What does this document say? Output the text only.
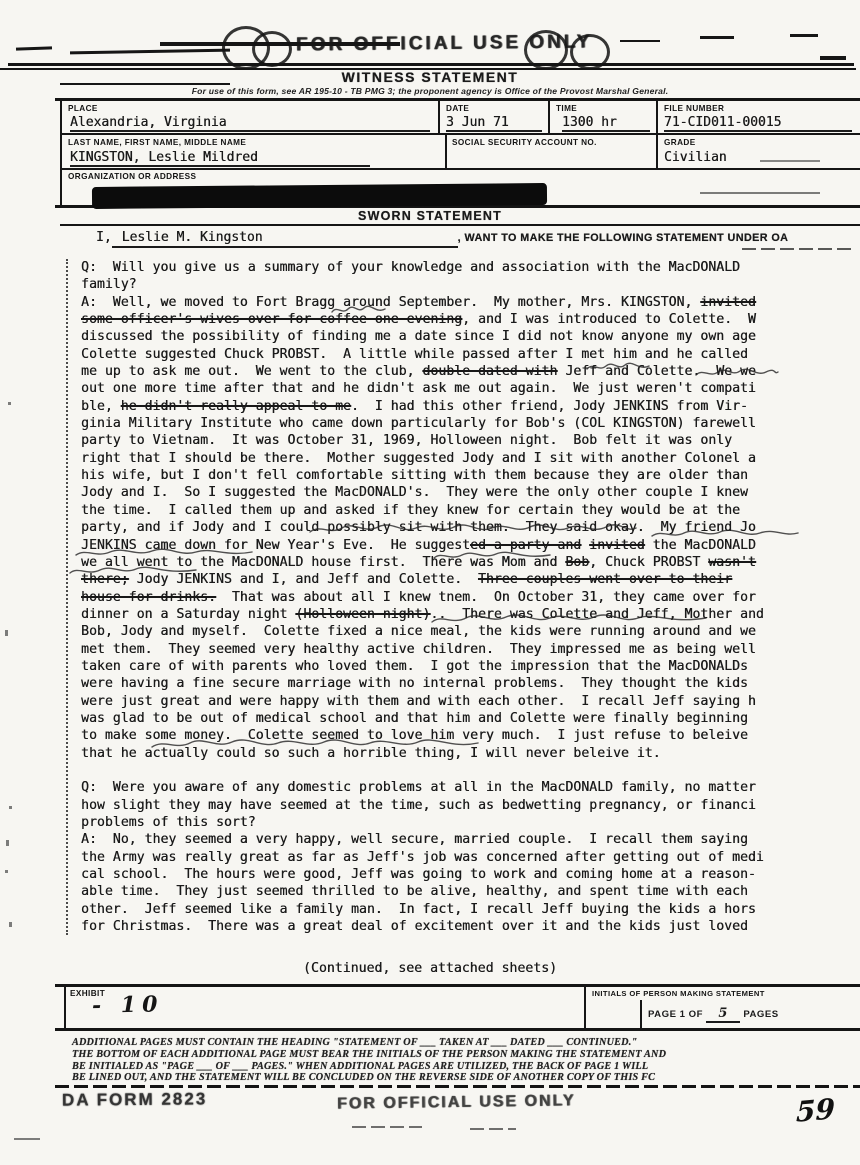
FOR OFFICIAL USE ONLY
WITNESS STATEMENT
For use of this form, see AR 195-10 - TB PMG 3; the proponent agency is Office of the Provost Marshal General.
PLACE
Alexandria, Virginia
DATE
3 Jun 71
TIME
1300 hr
FILE NUMBER
71-CID011-00015
LAST NAME, FIRST NAME, MIDDLE NAME
KINGSTON, Leslie Mildred
SOCIAL SECURITY ACCOUNT NO.	GRADE
Civilian
ORGANIZATION OR ADDRESS
SWORN STATEMENT
I, Leslie M. Kingston	, WANT TO MAKE THE FOLLOWING STATEMENT UNDER OA
Q:  Will you give us a summary of your knowledge and association with the MacDONALD
family?
A:  Well, we moved to Fort Bragg around September.  My mother, Mrs. KINGSTON, invited
some officer's wives over for coffee one evening, and I was introduced to Colette.  W
discussed the possibility of finding me a date since I did not know anyone my own age
Colette suggested Chuck PROBST.  A little while passed after I met him and he called
me up to ask me out.  We went to the club, double-dated with Jeff and Colette.  We we
out one more time after that and he didn't ask me out again.  We just weren't compati
ble, he didn't really appeal to me.  I had this other friend, Jody JENKINS from Vir-
ginia Military Institute who came down particularly for Bob's (COL KINGSTON) farewell
party to Vietnam.  It was October 31, 1969, Holloween night.  Bob felt it was only
right that I should be there.  Mother suggested Jody and I sit with another Colonel a
his wife, but I don't fell comfortable sitting with them because they are older than
Jody and I.  So I suggested the MacDONALD's.  They were the only other couple I knew
the time.  I called them up and asked if they knew for certain they would be at the
party, and if Jody and I could possibly sit with them.  They said okay.  My friend Jo
JENKINS came down for New Year's Eve.  He suggested a party and invited the MacDONALD
we all went to the MacDONALD house first.  There was Mom and Bob, Chuck PROBST wasn't
there; Jody JENKINS and I, and Jeff and Colette.  Three couples went over to their
house for drinks.  That was about all I knew tnem.  On October 31, they came over for
dinner on a Saturday night (Holloween night)..  There was Colette and Jeff, Mother and
Bob, Jody and myself.  Colette fixed a nice meal, the kids were running around and we
met them.  They seemed very healthy active children.  They impressed me as being well
taken care of with parents who loved them.  I got the impression that the MacDONALDs
were having a fine secure marriage with no internal problems.  They thought the kids
were just great and were happy with them and with each other.  I recall Jeff saying h
was glad to be out of medical school and that him and Colette were finally beginning
to make some money.  Colette seemed to love him very much.  I just refuse to beleive
that he actually could so such a horrible thing, I will never beleive it.

Q:  Were you aware of any domestic problems at all in the MacDONALD family, no matter
how slight they may have seemed at the time, such as bedwetting pregnancy, or financi
problems of this sort?
A:  No, they seemed a very happy, well secure, married couple.  I recall them saying
the Army was really great as far as Jeff's job was concerned after getting out of medi
cal school.  The hours were good, Jeff was going to work and coming home at a reason-
able time.  They just seemed thrilled to be alive, healthy, and spent time with each
other.  Jeff seemed like a family man.  In fact, I recall Jeff buying the kids a hors
for Christmas.  There was a great deal of excitement over it and the kids just loved
(Continued, see attached sheets)
EXHIBIT
- 10	INITIALS OF PERSON MAKING STATEMENT
PAGE 1 OF 5 PAGES
ADDITIONAL PAGES MUST CONTAIN THE HEADING "STATEMENT OF ___ TAKEN AT ___ DATED ___ CONTINUED."
THE BOTTOM OF EACH ADDITIONAL PAGE MUST BEAR THE INITIALS OF THE PERSON MAKING THE STATEMENT AND
BE INITIALED AS "PAGE ___ OF ___ PAGES." WHEN ADDITIONAL PAGES ARE UTILIZED, THE BACK OF PAGE 1 WILL
BE LINED OUT, AND THE STATEMENT WILL BE CONCLUDED ON THE REVERSE SIDE OF ANOTHER COPY OF THIS FC
DA FORM 2823	FOR OFFICIAL USE ONLY	59
